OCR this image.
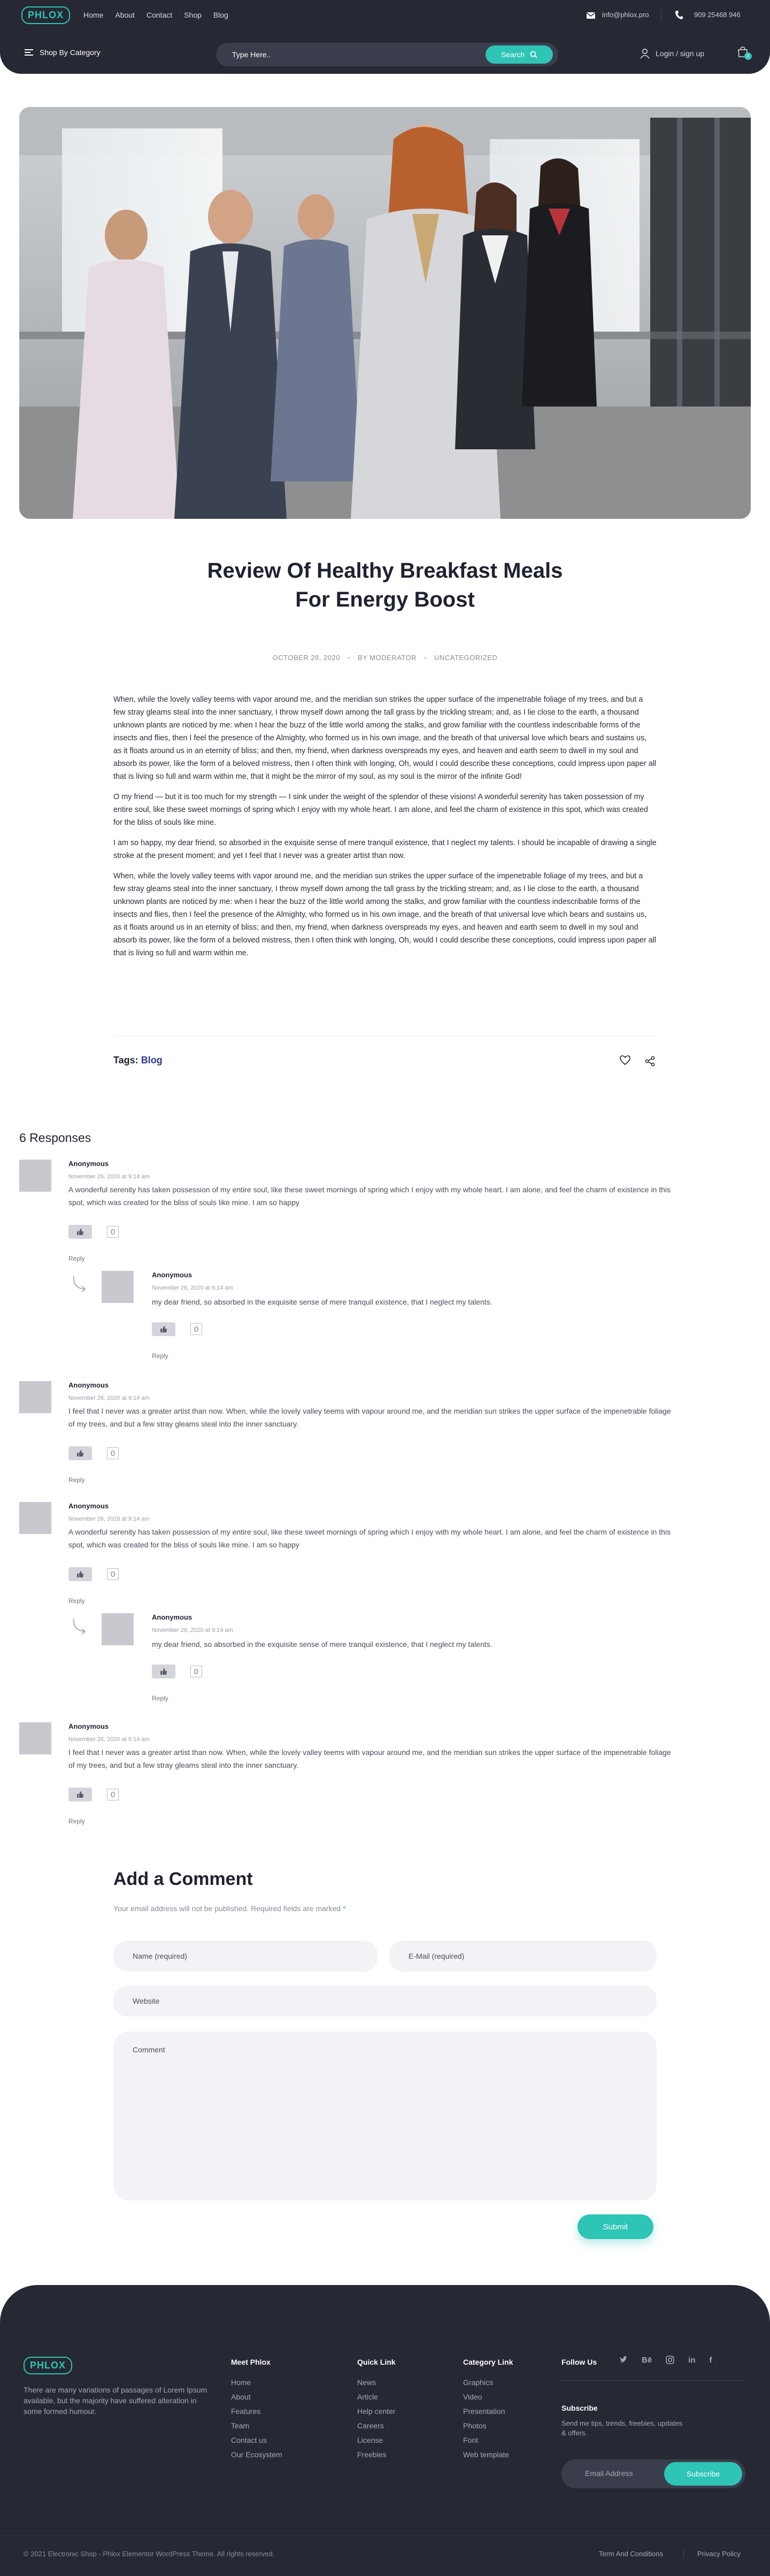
PHLOX	Home About Contact Shop Blog	info@phlox.pro	909 25468 946
Shop By Category
Type Here..	Search	Login / sign up	0
Review Of Healthy Breakfast Meals For Energy Boost
OCTOBER 28, 2020 • BY MODERATOR • UNCATEGORIZED

When, while the lovely valley teems with vapor around me, and the meridian sun strikes the upper surface of the impenetrable foliage of my trees, and but a few stray gleams steal into the inner sanctuary, I throw myself down among the tall grass by the trickling stream; and, as I lie close to the earth, a thousand unknown plants are noticed by me: when I hear the buzz of the little world among the stalks, and grow familiar with the countless indescribable forms of the insects and flies, then I feel the presence of the Almighty, who formed us in his own image, and the breath of that universal love which bears and sustains us, as it floats around us in an eternity of bliss; and then, my friend, when darkness overspreads my eyes, and heaven and earth seem to dwell in my soul and absorb its power, like the form of a beloved mistress, then I often think with longing, Oh, would I could describe these conceptions, could impress upon paper all that is living so full and warm within me, that it might be the mirror of my soul, as my soul is the mirror of the infinite God!

O my friend — but it is too much for my strength — I sink under the weight of the splendor of these visions! A wonderful serenity has taken possession of my entire soul, like these sweet mornings of spring which I enjoy with my whole heart. I am alone, and feel the charm of existence in this spot, which was created for the bliss of souls like mine.

I am so happy, my dear friend, so absorbed in the exquisite sense of mere tranquil existence, that I neglect my talents. I should be incapable of drawing a single stroke at the present moment; and yet I feel that I never was a greater artist than now.

When, while the lovely valley teems with vapor around me, and the meridian sun strikes the upper surface of the impenetrable foliage of my trees, and but a few stray gleams steal into the inner sanctuary, I throw myself down among the tall grass by the trickling stream; and, as I lie close to the earth, a thousand unknown plants are noticed by me: when I hear the buzz of the little world among the stalks, and grow familiar with the countless indescribable forms of the insects and flies, then I feel the presence of the Almighty, who formed us in his own image, and the breath of that universal love which bears and sustains us, as it floats around us in an eternity of bliss; and then, my friend, when darkness overspreads my eyes, and heaven and earth seem to dwell in my soul and absorb its power, like the form of a beloved mistress, then I often think with longing, Oh, would I could describe these conceptions, could impress upon paper all that is living so full and warm within me.

Tags: Blog
6 Responses
Anonymous
November 26, 2020 at 9:14 am
A wonderful serenity has taken possession of my entire soul, like these sweet mornings of spring which I enjoy with my whole heart. I am alone, and feel the charm of existence in this spot, which was created for the bliss of souls like mine. I am so happy
0
Reply
Anonymous
November 26, 2020 at 9:14 am
my dear friend, so absorbed in the exquisite sense of mere tranquil existence, that I neglect my talents.
0
Reply
Anonymous
November 26, 2020 at 9:14 am
I feel that I never was a greater artist than now. When, while the lovely valley teems with vapour around me, and the meridian sun strikes the upper surface of the impenetrable foliage of my trees, and but a few stray gleams steal into the inner sanctuary.
0
Reply
Anonymous
November 26, 2020 at 9:14 am
A wonderful serenity has taken possession of my entire soul, like these sweet mornings of spring which I enjoy with my whole heart. I am alone, and feel the charm of existence in this spot, which was created for the bliss of souls like mine. I am so happy
0
Reply
Anonymous
November 26, 2020 at 9:14 am
my dear friend, so absorbed in the exquisite sense of mere tranquil existence, that I neglect my talents.
0
Reply
Anonymous
November 26, 2020 at 9:14 am
I feel that I never was a greater artist than now. When, while the lovely valley teems with vapour around me, and the meridian sun strikes the upper surface of the impenetrable foliage of my trees, and but a few stray gleams steal into the inner sanctuary.
0
Reply
Add a Comment
Your email address will not be published. Required fields are marked *
Name (required)
E-Mail (required)
Website
Comment
Submit
PHLOX
There are many variations of passages of Lorem Ipsum available, but the majority have suffered alteration in some formed humour.
Meet Phlox
Home
About
Features
Team
Contact us
Our Ecosystem
Quick Link
News
Article
Help center
Careers
License
Freebies
Category Link
Graphics
Video
Presentation
Photos
Font
Web template
Follow Us	Bē	in f
Subscribe
Send me tips, trends, freebies, updates & offers.
Email Address
Subscribe
© 2021 Electronic Shop - Phlox Elementor WordPress Theme. All rights reserved.	Term And Conditions	Privacy Policy
